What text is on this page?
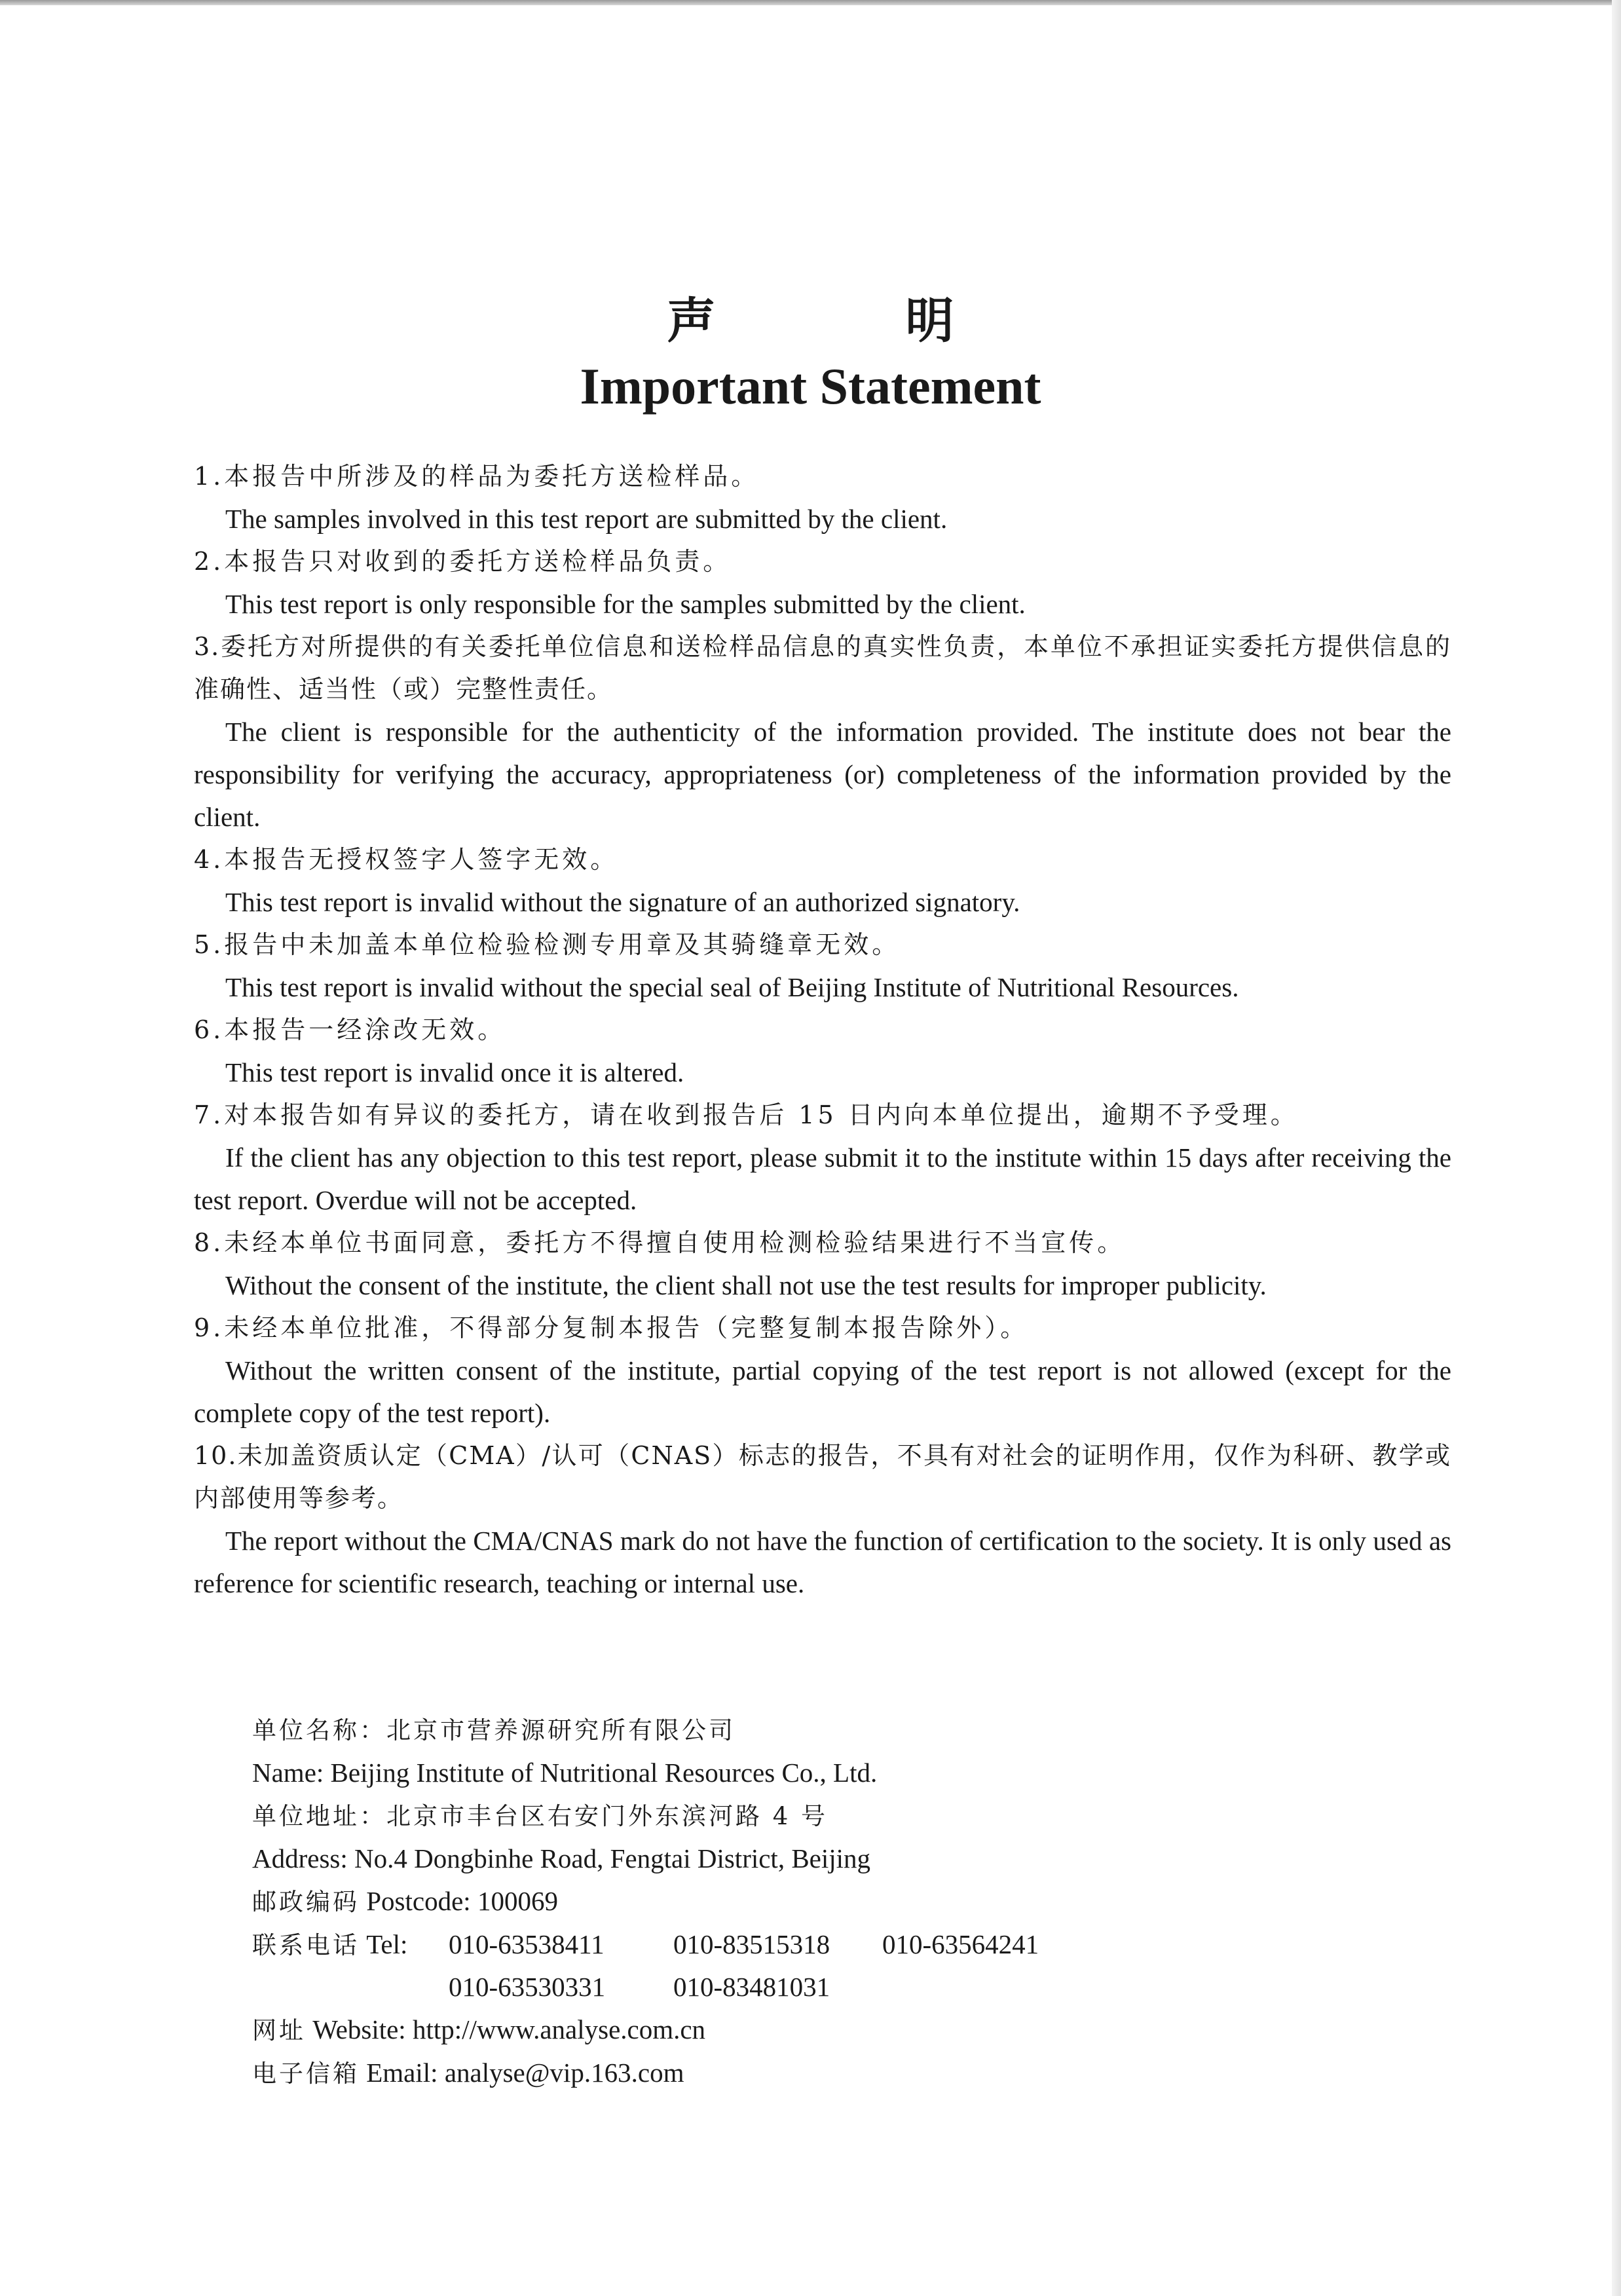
声明
Important Statement

1.本报告中所涉及的样品为委托方送检样品。

The samples involved in this test report are submitted by the client.

2.本报告只对收到的委托方送检样品负责。

This test report is only responsible for the samples submitted by the client.

3.委托方对所提供的有关委托单位信息和送检样品信息的真实性负责，本单位不承担证实委托方提供信息的准确性、适当性（或）完整性责任。

The client is responsible for the authenticity of the information provided. The institute does not bear the responsibility for verifying the accuracy, appropriateness (or) completeness of the information provided by the client.

4.本报告无授权签字人签字无效。

This test report is invalid without the signature of an authorized signatory.

5.报告中未加盖本单位检验检测专用章及其骑缝章无效。

This test report is invalid without the special seal of Beijing Institute of Nutritional Resources.

6.本报告一经涂改无效。

This test report is invalid once it is altered.

7.对本报告如有异议的委托方，请在收到报告后 15 日内向本单位提出，逾期不予受理。

If the client has any objection to this test report, please submit it to the institute within 15 days after receiving the test report. Overdue will not be accepted.

8.未经本单位书面同意，委托方不得擅自使用检测检验结果进行不当宣传。

Without the consent of the institute, the client shall not use the test results for improper publicity.

9.未经本单位批准，不得部分复制本报告（完整复制本报告除外）。

Without the written consent of the institute, partial copying of the test report is not allowed (except for the complete copy of the test report).

10.未加盖资质认定（CMA）/认可（CNAS）标志的报告，不具有对社会的证明作用，仅作为科研、教学或内部使用等参考。

The report without the CMA/CNAS mark do not have the function of certification to the society. It is only used as reference for scientific research, teaching or internal use.

单位名称：北京市营养源研究所有限公司

Name: Beijing Institute of Nutritional Resources Co., Ltd.

单位地址：北京市丰台区右安门外东滨河路 4 号

Address: No.4 Dongbinhe Road, Fengtai District, Beijing

邮政编码 Postcode: 100069

联系电话 Tel: 010-63538411	010-83515318 010-63564241
010-63530331	010-83481031

网址 Website: http://www.analyse.com.cn

电子信箱 Email: analyse@vip.163.com
